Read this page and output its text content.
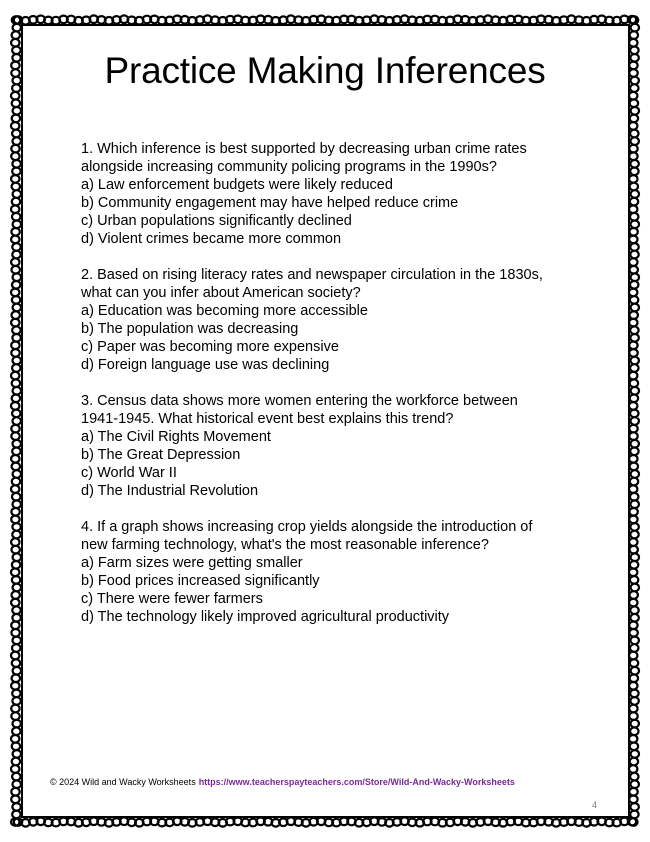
Practice Making Inferences
1. Which inference is best supported by decreasing urban crime rates
alongside increasing community policing programs in the 1990s?
a) Law enforcement budgets were likely reduced
b) Community engagement may have helped reduce crime
c) Urban populations significantly declined
d) Violent crimes became more common
2. Based on rising literacy rates and newspaper circulation in the 1830s,
what can you infer about American society?
a) Education was becoming more accessible
b) The population was decreasing
c) Paper was becoming more expensive
d) Foreign language use was declining
3. Census data shows more women entering the workforce between
1941-1945. What historical event best explains this trend?
a) The Civil Rights Movement
b) The Great Depression
c) World War II
d) The Industrial Revolution
4. If a graph shows increasing crop yields alongside the introduction of
new farming technology, what's the most reasonable inference?
a) Farm sizes were getting smaller
b) Food prices increased significantly
c) There were fewer farmers
d) The technology likely improved agricultural productivity
© 2024 Wild and Wacky Worksheets https://www.teacherspayteachers.com/Store/Wild-And-Wacky-Worksheets
4
